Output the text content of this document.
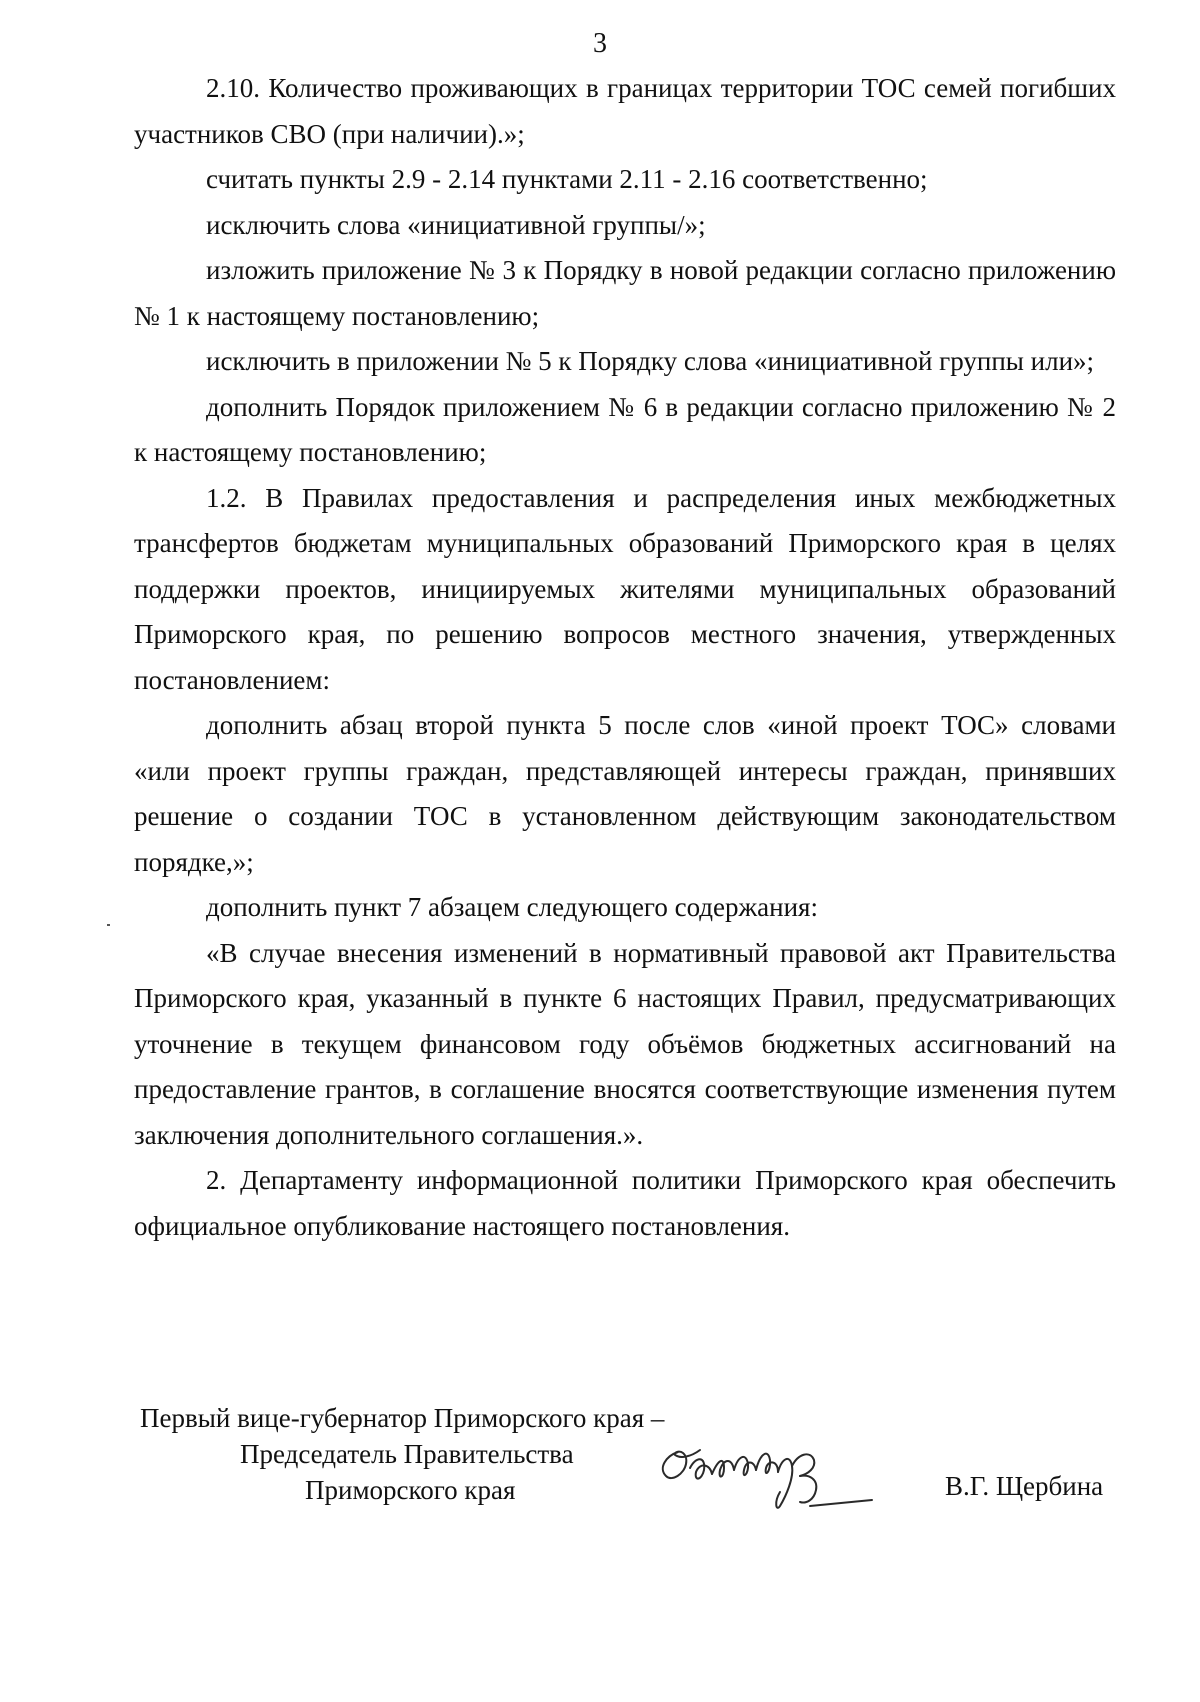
3

2.10. Количество проживающих в границах территории ТОС семей погибших участников СВО (при наличии).»;

считать пункты 2.9 - 2.14 пунктами 2.11 - 2.16 соответственно;

исключить слова «инициативной группы/»;

изложить приложение № 3 к Порядку в новой редакции согласно приложению № 1 к настоящему постановлению;

исключить в приложении № 5 к Порядку слова «инициативной группы или»;

дополнить Порядок приложением № 6 в редакции согласно приложению № 2 к настоящему постановлению;

1.2. В Правилах предоставления и распределения иных межбюджетных трансфертов бюджетам муниципальных образований Приморского края в целях поддержки проектов, инициируемых жителями муниципальных образований Приморского края, по решению вопросов местного значения, утвержденных постановлением:

дополнить абзац второй пункта 5 после слов «иной проект ТОС» словами «или проект группы граждан, представляющей интересы граждан, принявших решение о создании ТОС в установленном действующим законодательством порядке,»;

дополнить пункт 7 абзацем следующего содержания:

«В случае внесения изменений в нормативный правовой акт Правительства Приморского края, указанный в пункте 6 настоящих Правил, предусматривающих уточнение в текущем финансовом году объёмов бюджетных ассигнований на предоставление грантов, в соглашение вносятся соответствующие изменения путем заключения дополнительного соглашения.».

2. Департаменту информационной политики Приморского края обеспечить официальное опубликование настоящего постановления.

Первый вице-губернатор Приморского края –
Председатель Правительства
Приморского края	В.Г. Щербина
